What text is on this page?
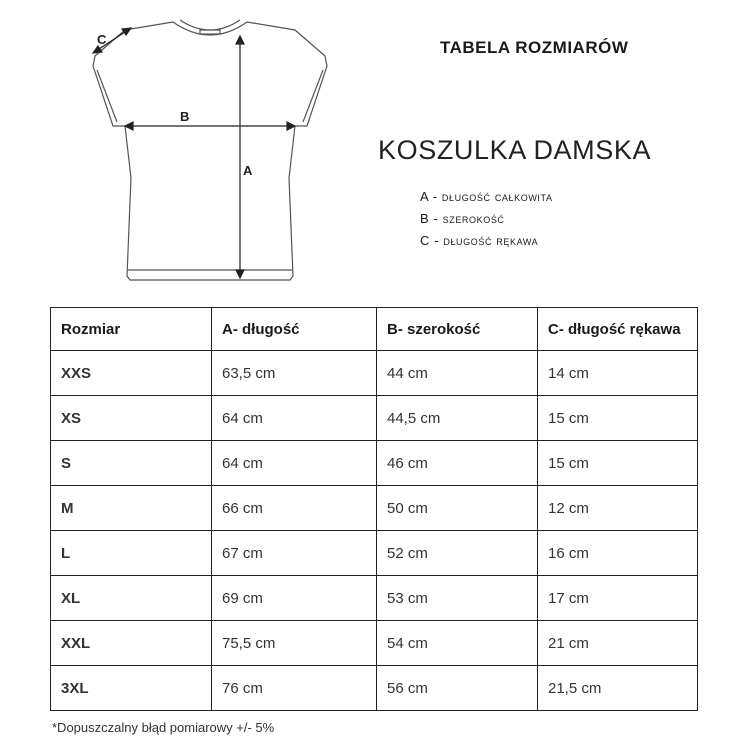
A
B
C	TABELA ROZMIARÓW
KOSZULKA DAMSKA
A - długość całkowita
B - szerokość
C - długość rękawa
Rozmiar	A- długość	B- szerokość	C- długość rękawa
XXS	63,5 cm	44 cm	14 cm
XS	64 cm	44,5 cm	15 cm
S	64 cm	46 cm	15 cm
M	66 cm	50 cm	12 cm
L	67 cm	52 cm	16 cm
XL	69 cm	53 cm	17 cm
XXL	75,5 cm	54 cm	21 cm
3XL	76 cm	56 cm	21,5 cm
*Dopuszczalny błąd pomiarowy +/- 5%
